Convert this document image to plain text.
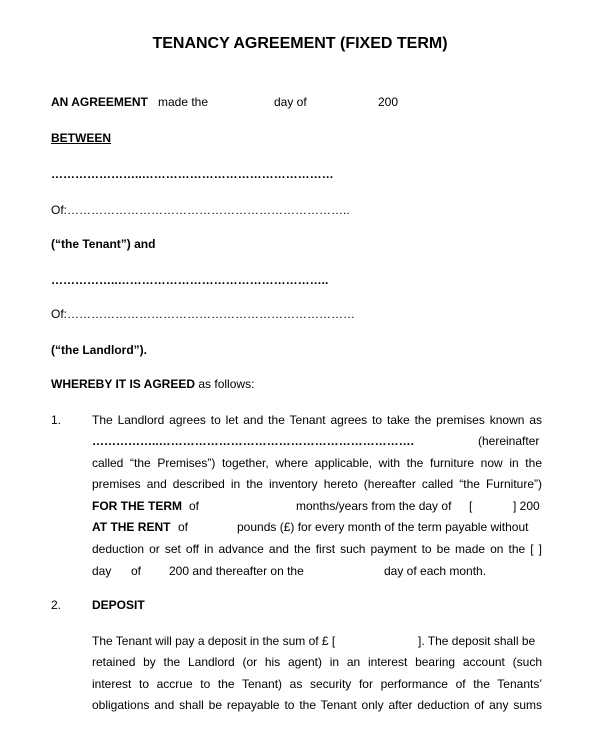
TENANCY AGREEMENT (FIXED TERM)
AN AGREEMENT made the	day of	200
BETWEEN
…………………..…………………………………………
Of:……………………………………………………………..
(“the Tenant”) and
……………..……………………………………………..
Of:………………………………………………………………
(“the Landlord”).
WHEREBY IT IS AGREED as follows:
1.	The Landlord agrees to let and the Tenant agrees to take the premises known as
……………..……………………………………………………….	(hereinafter
called “the Premises”) together, where applicable, with the furniture now in the
premises and described in the inventory hereto (hereafter called “the Furniture”)
FOR THE TERM of	months/years from the day of [	] 200
AT THE RENT of	pounds (£) for every month of the term payable without
deduction or set off in advance and the first such payment to be made on the [ ]
day of 200 and thereafter on the	day of each month.
2.	DEPOSIT
The Tenant will pay a deposit in the sum of £ [	]. The deposit shall be
retained by the Landlord (or his agent) in an interest bearing account (such
interest to accrue to the Tenant) as security for performance of the Tenants’
obligations and shall be repayable to the Tenant only after deduction of any sums
